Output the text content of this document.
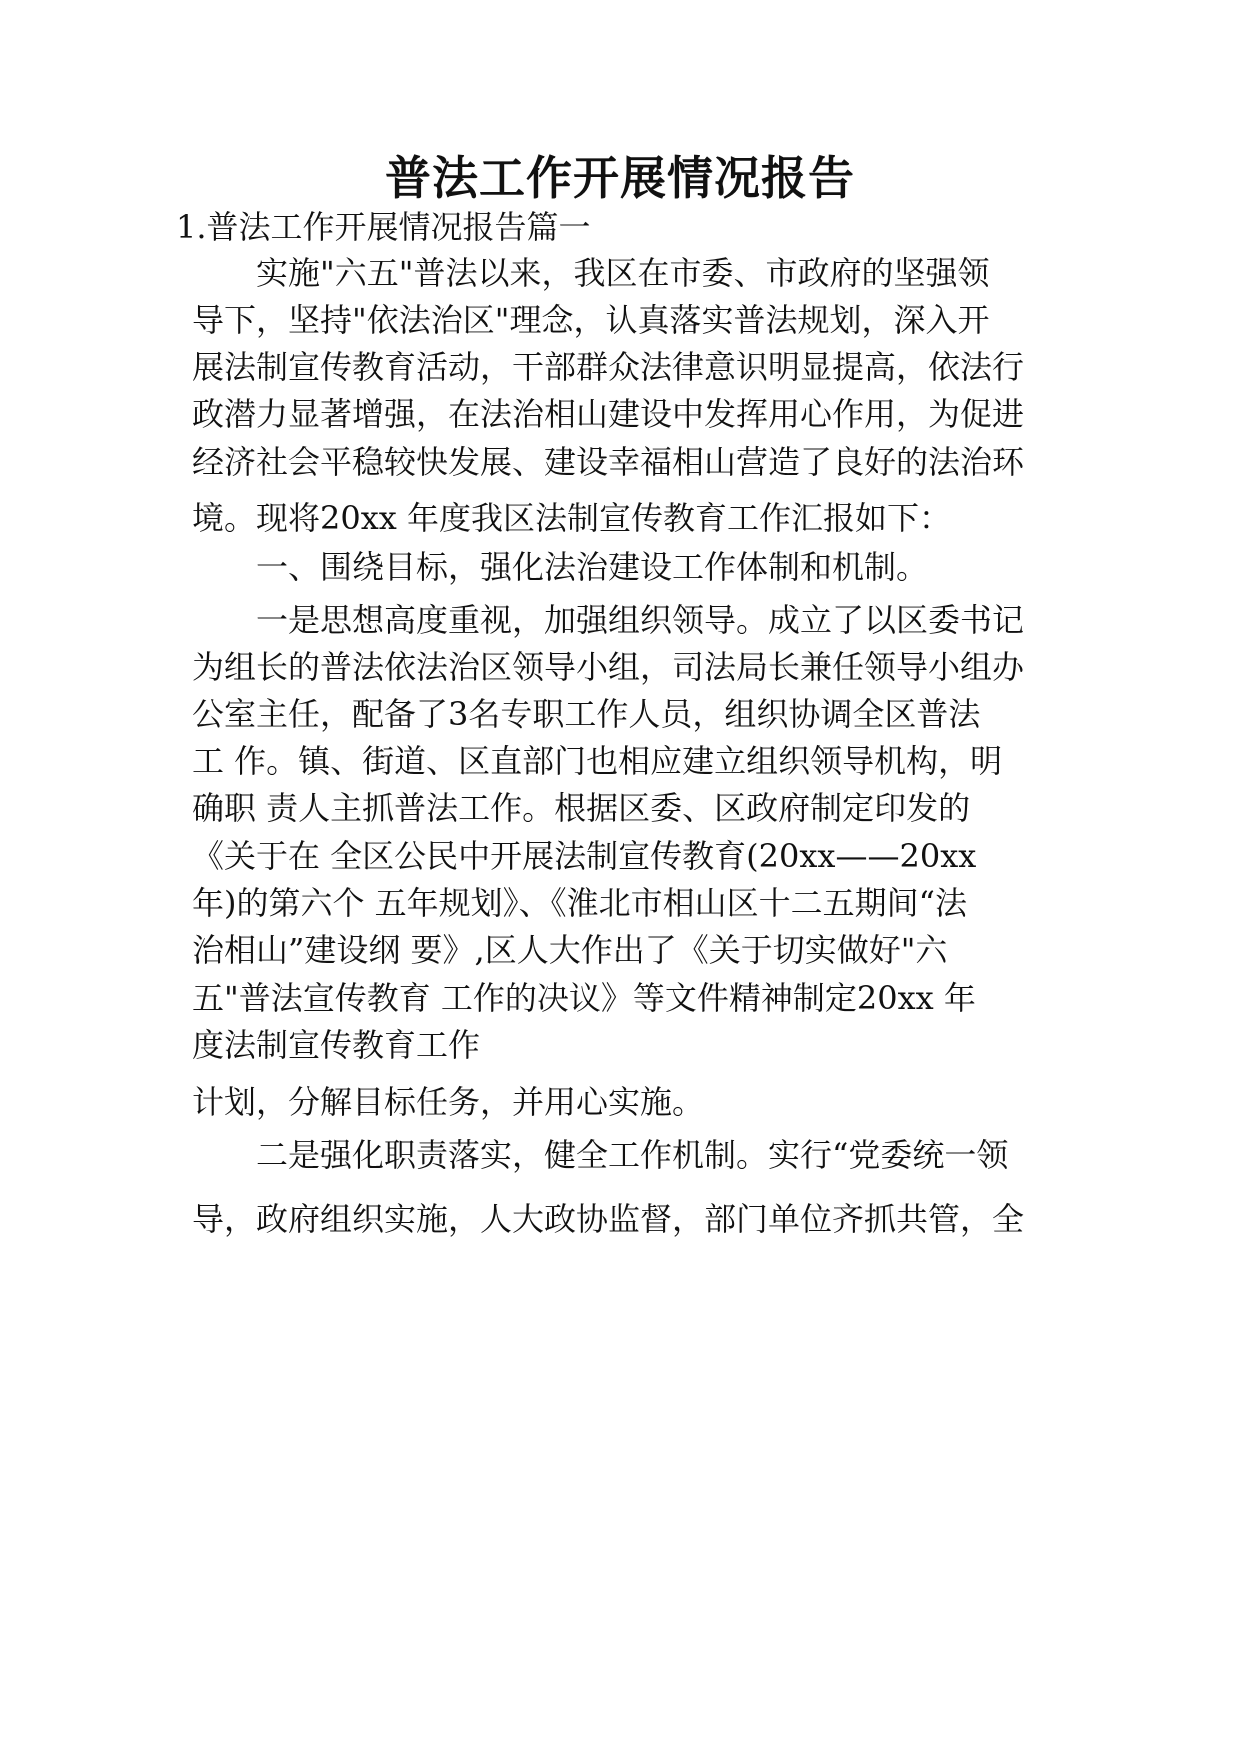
普法工作开展情况报告

1.普法工作开展情况报告篇一

实施"六五"普法以来，我区在市委、市政府的坚强领

导下，坚持"依法治区"理念，认真落实普法规划，深入开

展法制宣传教育活动，干部群众法律意识明显提高，依法行

政潜力显著增强，在法治相山建设中发挥用心作用，为促进

经济社会平稳较快发展、建设幸福相山营造了良好的法治环

境。现将20xx 年度我区法制宣传教育工作汇报如下：

一、围绕目标，强化法治建设工作体制和机制。

一是思想高度重视，加强组织领导。成立了以区委书记

为组长的普法依法治区领导小组，司法局长兼任领导小组办

公室主任，配备了3名专职工作人员，组织协调全区普法

工 作。镇、街道、区直部门也相应建立组织领导机构，明

确职 责人主抓普法工作。根据区委、区政府制定印发的

《关于在 全区公民中开展法制宣传教育(20xx——20xx

年)的第六个 五年规划》、《淮北市相山区十二五期间“法

治相山”建设纲 要》,区人大作出了《关于切实做好"六

五"普法宣传教育 工作的决议》等文件精神制定20xx 年

度法制宣传教育工作

计划，分解目标任务，并用心实施。

二是强化职责落实，健全工作机制。实行“党委统一领

导，政府组织实施，人大政协监督，部门单位齐抓共管，全
